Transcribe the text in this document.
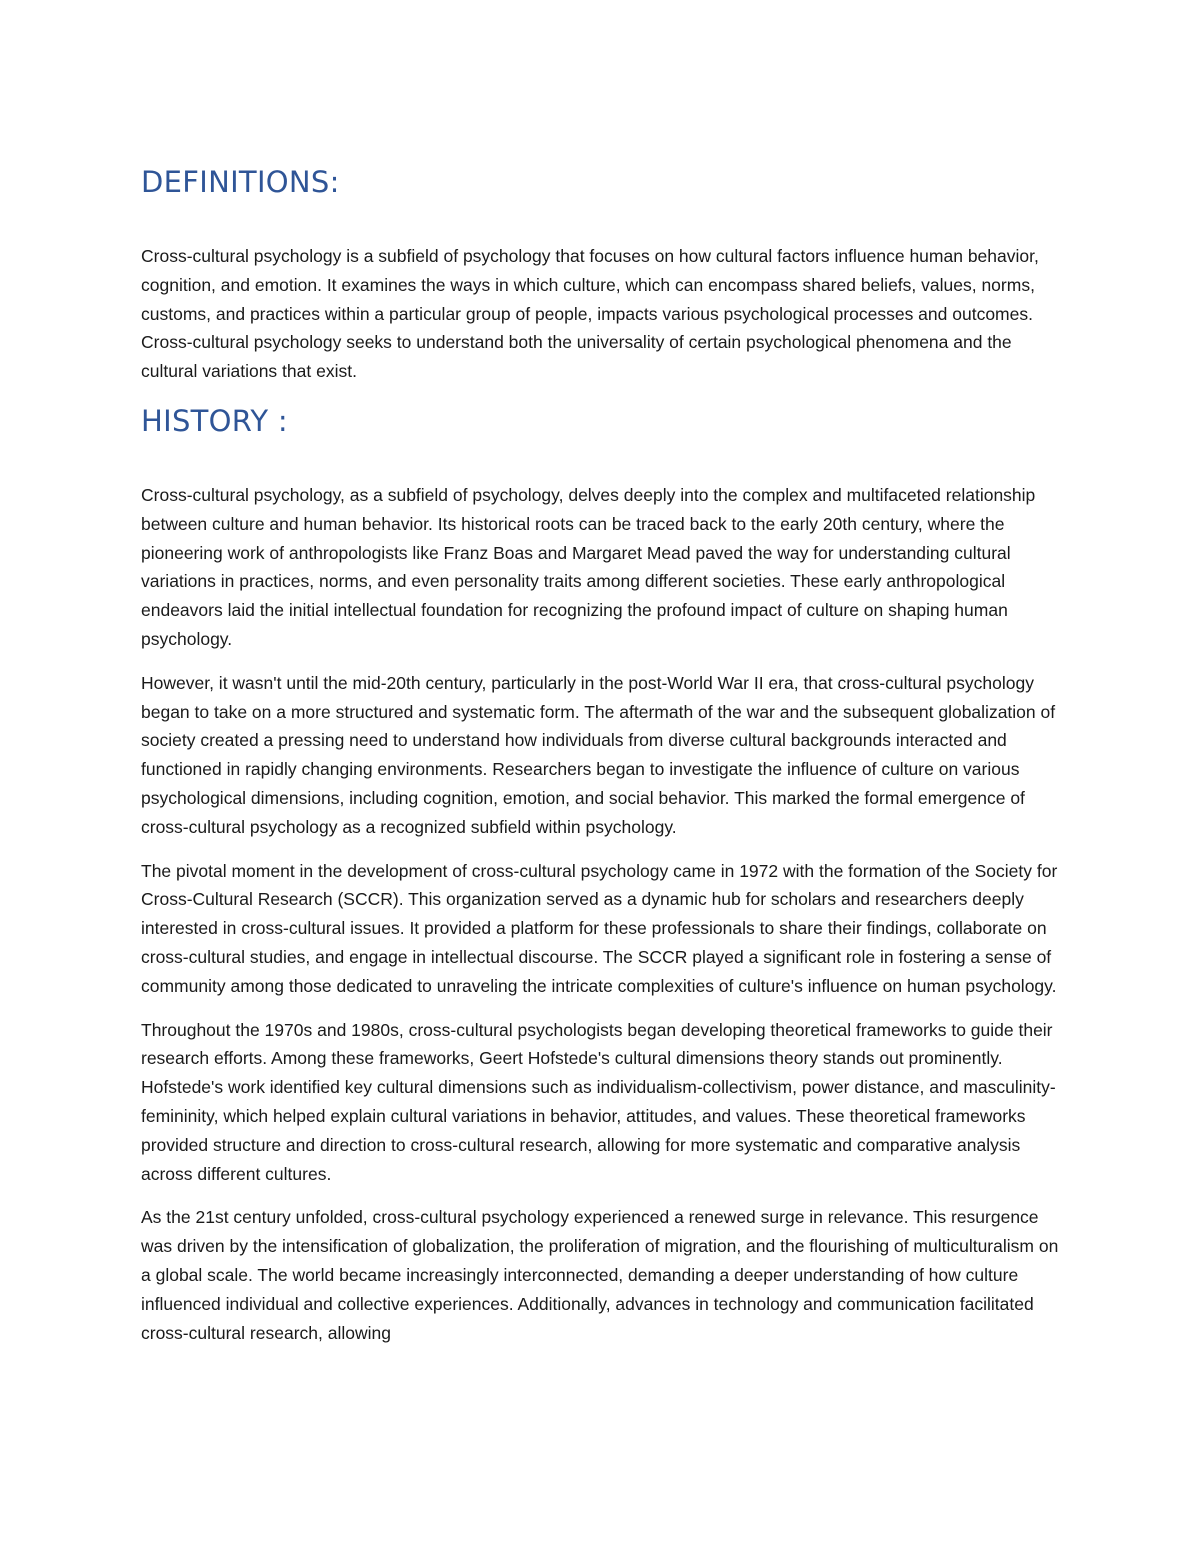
DEFINITIONS:

Cross-cultural psychology is a subfield of psychology that focuses on how cultural factors influence human behavior, cognition, and emotion. It examines the ways in which culture, which can encompass shared beliefs, values, norms, customs, and practices within a particular group of people, impacts various psychological processes and outcomes. Cross-cultural psychology seeks to understand both the universality of certain psychological phenomena and the cultural variations that exist.

HISTORY :

Cross-cultural psychology, as a subfield of psychology, delves deeply into the complex and multifaceted relationship between culture and human behavior. Its historical roots can be traced back to the early 20th century, where the pioneering work of anthropologists like Franz Boas and Margaret Mead paved the way for understanding cultural variations in practices, norms, and even personality traits among different societies. These early anthropological endeavors laid the initial intellectual foundation for recognizing the profound impact of culture on shaping human psychology.

However, it wasn't until the mid-20th century, particularly in the post-World War II era, that cross-cultural psychology began to take on a more structured and systematic form. The aftermath of the war and the subsequent globalization of society created a pressing need to understand how individuals from diverse cultural backgrounds interacted and functioned in rapidly changing environments. Researchers began to investigate the influence of culture on various psychological dimensions, including cognition, emotion, and social behavior. This marked the formal emergence of cross-cultural psychology as a recognized subfield within psychology.

The pivotal moment in the development of cross-cultural psychology came in 1972 with the formation of the Society for Cross-Cultural Research (SCCR). This organization served as a dynamic hub for scholars and researchers deeply interested in cross-cultural issues. It provided a platform for these professionals to share their findings, collaborate on cross-cultural studies, and engage in intellectual discourse. The SCCR played a significant role in fostering a sense of community among those dedicated to unraveling the intricate complexities of culture's influence on human psychology.

Throughout the 1970s and 1980s, cross-cultural psychologists began developing theoretical frameworks to guide their research efforts. Among these frameworks, Geert Hofstede's cultural dimensions theory stands out prominently. Hofstede's work identified key cultural dimensions such as individualism-collectivism, power distance, and masculinity-femininity, which helped explain cultural variations in behavior, attitudes, and values. These theoretical frameworks provided structure and direction to cross-cultural research, allowing for more systematic and comparative analysis across different cultures.

As the 21st century unfolded, cross-cultural psychology experienced a renewed surge in relevance. This resurgence was driven by the intensification of globalization, the proliferation of migration, and the flourishing of multiculturalism on a global scale. The world became increasingly interconnected, demanding a deeper understanding of how culture influenced individual and collective experiences. Additionally, advances in technology and communication facilitated cross-cultural research, allowing
